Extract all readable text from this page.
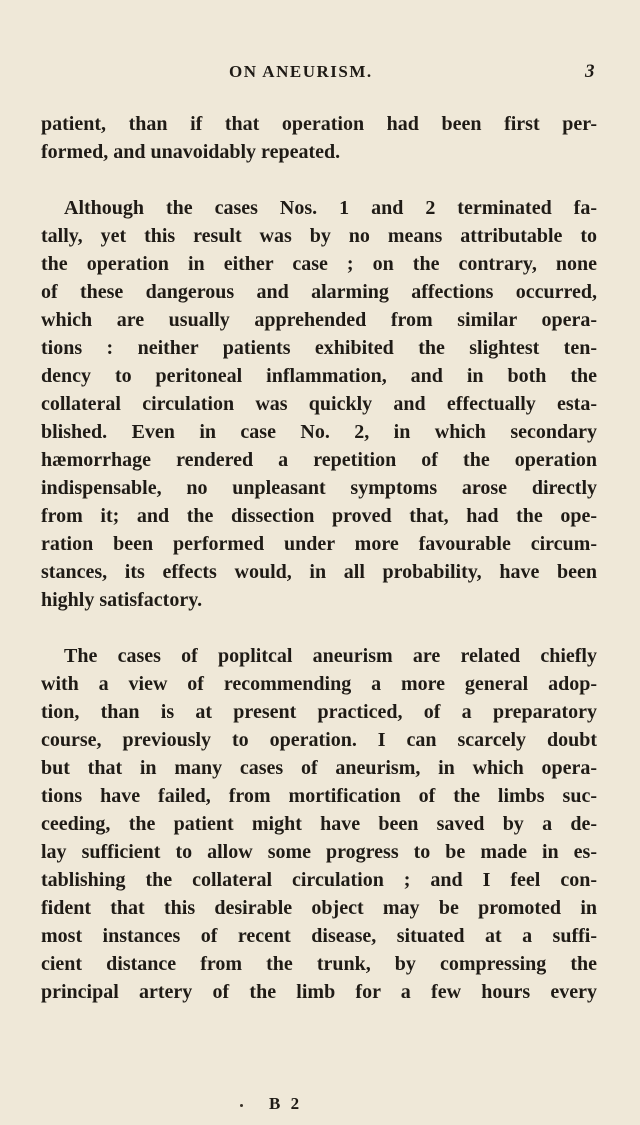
ON ANEURISM.	3
patient, than if that operation had been first per-
formed, and unavoidably repeated.
Although the cases Nos. 1 and 2 terminated fa-
tally, yet this result was by no means attributable to
the operation in either case ; on the contrary, none
of these dangerous and alarming affections occurred,
which are usually apprehended from similar opera-
tions : neither patients exhibited the slightest ten-
dency to peritoneal inflammation, and in both the
collateral circulation was quickly and effectually esta-
blished. Even in case No. 2, in which secondary
hæmorrhage rendered a repetition of the operation
indispensable, no unpleasant symptoms arose directly
from it; and the dissection proved that, had the ope-
ration been performed under more favourable circum-
stances, its effects would, in all probability, have been
highly satisfactory.
The cases of poplitcal aneurism are related chiefly
with a view of recommending a more general adop-
tion, than is at present practiced, of a preparatory
course, previously to operation. I can scarcely doubt
but that in many cases of aneurism, in which opera-
tions have failed, from mortification of the limbs suc-
ceeding, the patient might have been saved by a de-
lay sufficient to allow some progress to be made in es-
tablishing the collateral circulation ; and I feel con-
fident that this desirable object may be promoted in
most instances of recent disease, situated at a suffi-
cient distance from the trunk, by compressing the
principal artery of the limb for a few hours every
B 2
